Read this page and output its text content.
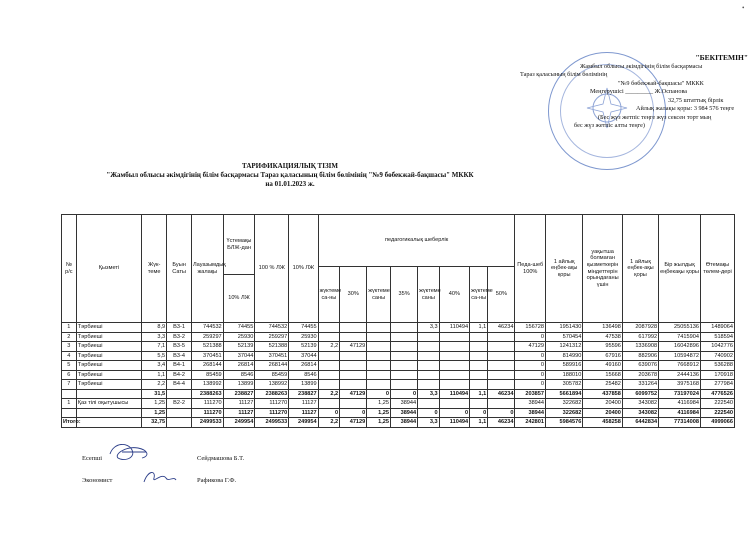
•
"БЕКІТЕМІН"
Жамбыл облысы әкімдігінің білім басқармасы
Тараз қаласының білім бөлімінің
"№9 бөбекжай-бақшасы" МККК
Меңгерушісі _________ Ж.Оспанова
32,75 штаттық бірлік
Айлық жалақы қоры: 3 984 576 теңге
(Бес жүз жетпіс теңге жүз сексен торт мың
бес жүз жетпіс алты теңге)
ТАРИФИКАЦИЯЛЫҚ ТІЗІМ
"Жамбыл облысы әкімдігінің білім басқармасы Тараз қаласының білім бөлімінің "№9 бөбекжай-бақшасы" МККК
на 01.01.2023 ж.
№ р/с	Қызметі	Жүк-теме	Буын Саты	Лауазымдық жалақы	Үстемақы БЛЖ-дан	100 % ЛЖ	10% ЛЖ	педагогикалық шеберлік								Педа-шеб 100%	1 айлық еңбек-ақы қоры	уақытша болмаған қызметкерін міндеттерін орындағаны үшін	1 айлық еңбек-ақы қоры	Бір жылдық еңбекақы қоры	Өтемақы төлем-дері
								жүктеме са-ны	30%	жүктеме саны	35%	жүктеме саны	40%	жүктеме са-ны	50%						
					10% ЛЖ																
1	Тәрбиеші	8,9	В3-1	744532	74455	744532	74455					3,3	110494	1,1	46234	156728	1951430	136498	2087928	25055136	1489064
2	Тәрбиеші	3,3	В3-2	259297	25930	259297	25930									0	570454	47538	617992	7415904	518594
3	Тәрбиеші	7,1	В3-5	521388	52139	521388	52139	2,2	47129							47129	1241312	95596	1336908	16042896	1042776
4	Тәрбиеші	5,5	В3-4	370451	37044	370451	37044									0	814990	67916	882906	10594872	740902
5	Тәрбиеші	3,4	В4-1	268144	26814	268144	26814									0	589916	49160	639076	7668912	536288
6	Тәрбиеші	1,1	В4-2	85459	8546	85459	8546									0	188010	15668	203678	2444136	170918
7	Тәрбиеші	2,2	В4-4	138992	13899	138992	13899									0	305782	25482	331264	3975168	277984
		31,5		2388263	238827	2388263	238827	2,2	47129	0	0	3,3	110494	1,1	46234	203857	5661894	437858	6099752	73197024	4776526
1	Қаз тілі оқытушысы	1,25	В2-2	111270	11127	111270	11127			1,25	38944					38944	322682	20400	343082	4116984	222540
		1,25		111270	11127	111270	11127	0	0	1,25	38944	0	0	0	0	38944	322682	20400	343082	4116984	222540
Итого:		32,75		2499533	249954	2499533	249954	2,2	47129	1,25	38944	3,3	110494	1,1	46234	242801	5984576	458258	6442834	77314008	4999066
Есепші	Сейдмашова Б.Т.
Экономист	Рафикова Г.Ф.
